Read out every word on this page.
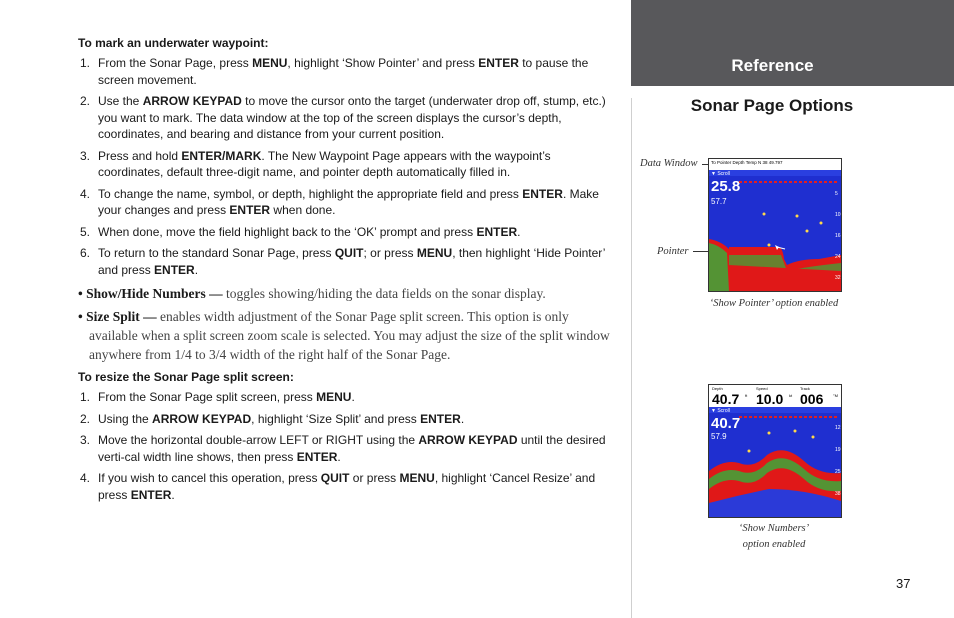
To mark an underwater waypoint:
1. From the Sonar Page, press MENU, highlight ‘Show Pointer’ and press ENTER to pause the screen movement.
2. Use the ARROW KEYPAD to move the cursor onto the target (underwater drop off, stump, etc.) you want to mark. The data window at the top of the screen displays the cursor’s depth, coordinates, and bearing and distance from your current position.
3. Press and hold ENTER/MARK. The New Waypoint Page appears with the waypoint’s coordinates, default three-digit name, and pointer depth automatically filled in.
4. To change the name, symbol, or depth, highlight the appropriate field and press ENTER. Make your changes and press ENTER when done.
5. When done, move the field highlight back to the ‘OK’ prompt and press ENTER.
6. To return to the standard Sonar Page, press QUIT; or press MENU, then highlight ‘Hide Pointer’ and press ENTER.

• Show/Hide Numbers — toggles showing/hiding the data fields on the sonar display.

• Size Split — enables width adjustment of the Sonar Page split screen. This option is only available when a split screen zoom scale is selected. You may adjust the size of the split window anywhere from 1/4 to 3/4 width of the right half of the Sonar Page.

To resize the Sonar Page split screen:
1. From the Sonar Page split screen, press MENU.
2. Using the ARROW KEYPAD, highlight ‘Size Split’ and press ENTER.
3. Move the horizontal double-arrow LEFT or RIGHT using the ARROW KEYPAD until the desired verti-cal width line shows, then press ENTER.
4. If you wish to cancel this operation, press QUIT or press MENU, highlight ‘Cancel Resize’ and press ENTER.
Reference
Sonar Page Options
Data Window
Pointer
To Pointer Depth Temp N 38 49.797
▼ Scroll
25.8
57.7
5
10
16
24
32
‘Show Pointer’ option enabled
Depth
40.7 ft
Speed
10.0 kt
Track
006 °M
▼ Scroll
40.7
57.9
12
19
25
38
‘Show Numbers’
option enabled
37
